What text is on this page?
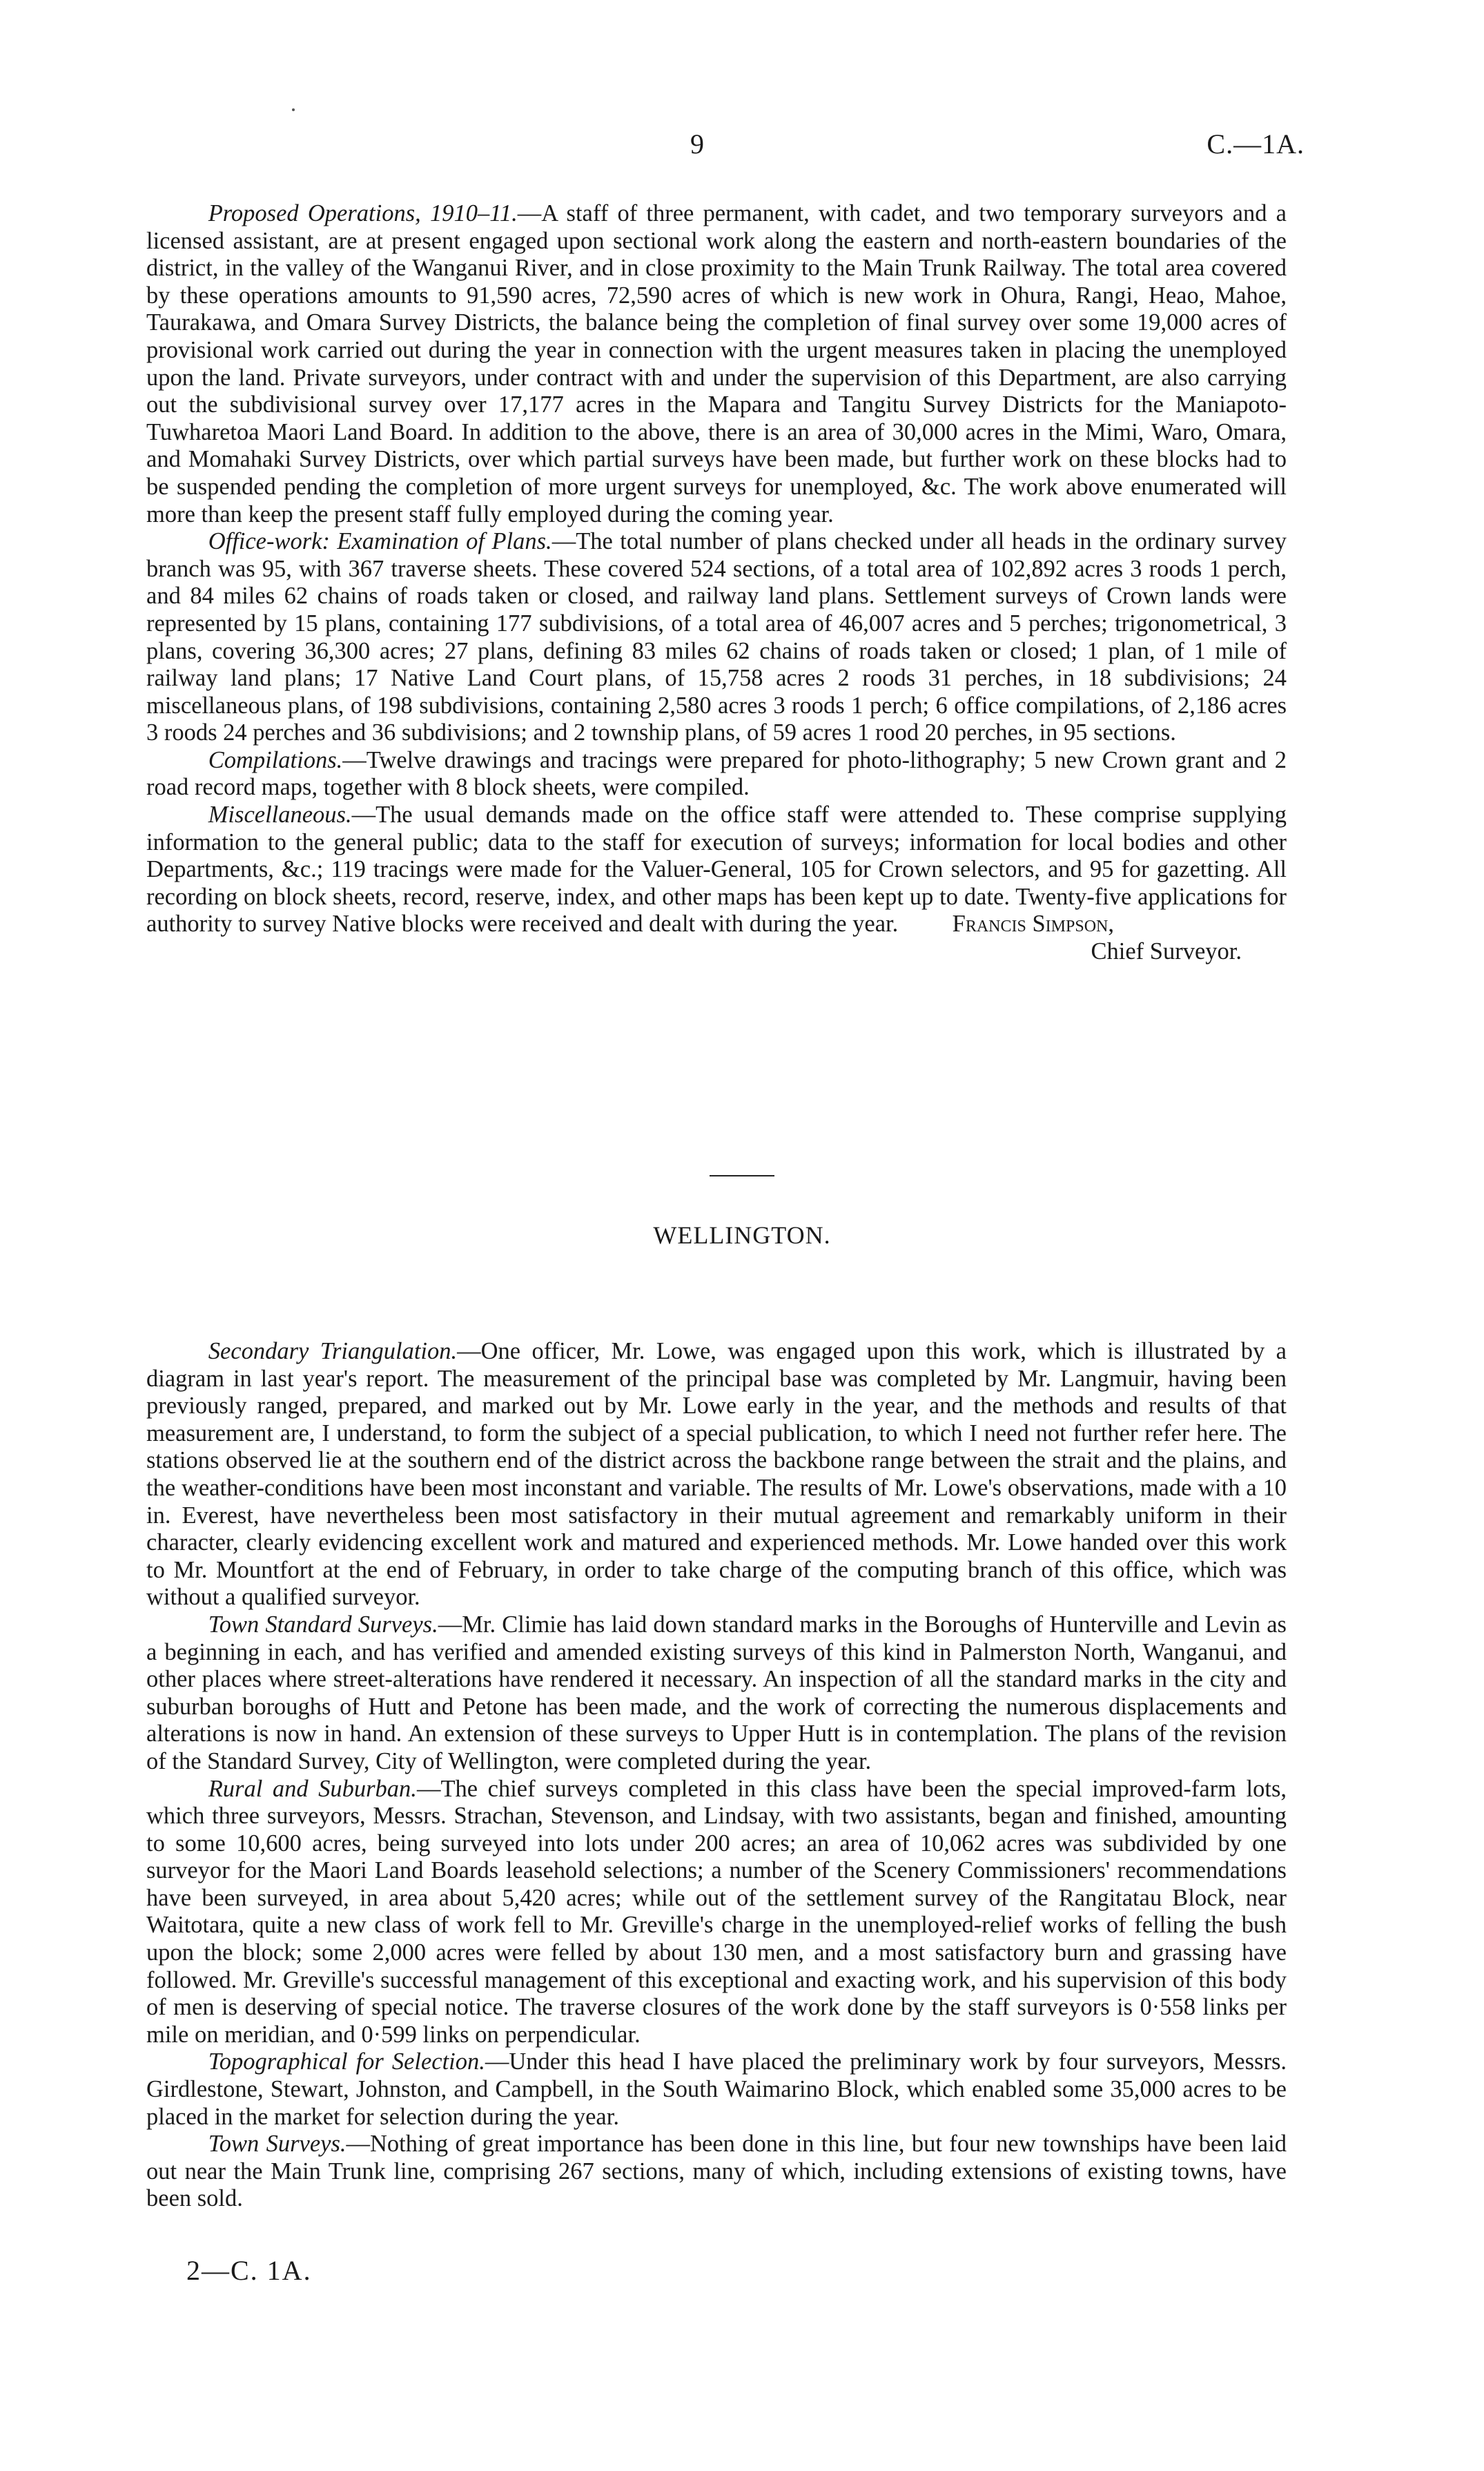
9	C.—1A.

Proposed Operations, 1910–11.—A staff of three permanent, with cadet, and two temporary surveyors and a licensed assistant, are at present engaged upon sectional work along the eastern and north-eastern boundaries of the district, in the valley of the Wanganui River, and in close proximity to the Main Trunk Railway. The total area covered by these operations amounts to 91,590 acres, 72,590 acres of which is new work in Ohura, Rangi, Heao, Mahoe, Taurakawa, and Omara Survey Districts, the balance being the completion of final survey over some 19,000 acres of provisional work carried out during the year in connection with the urgent measures taken in placing the unemployed upon the land. Private surveyors, under contract with and under the supervision of this Department, are also carrying out the subdivisional survey over 17,177 acres in the Mapara and Tangitu Survey Districts for the Maniapoto-Tuwharetoa Maori Land Board. In addition to the above, there is an area of 30,000 acres in the Mimi, Waro, Omara, and Momahaki Survey Districts, over which partial surveys have been made, but further work on these blocks had to be suspended pending the completion of more urgent surveys for unemployed, &c. The work above enumerated will more than keep the present staff fully employed during the coming year.

Office-work: Examination of Plans.—The total number of plans checked under all heads in the ordinary survey branch was 95, with 367 traverse sheets. These covered 524 sections, of a total area of 102,892 acres 3 roods 1 perch, and 84 miles 62 chains of roads taken or closed, and railway land plans. Settlement surveys of Crown lands were represented by 15 plans, containing 177 subdivisions, of a total area of 46,007 acres and 5 perches; trigonometrical, 3 plans, covering 36,300 acres; 27 plans, defining 83 miles 62 chains of roads taken or closed; 1 plan, of 1 mile of railway land plans; 17 Native Land Court plans, of 15,758 acres 2 roods 31 perches, in 18 subdivisions; 24 miscellaneous plans, of 198 subdivisions, containing 2,580 acres 3 roods 1 perch; 6 office compilations, of 2,186 acres 3 roods 24 perches and 36 subdivisions; and 2 township plans, of 59 acres 1 rood 20 perches, in 95 sections.

Compilations.—Twelve drawings and tracings were prepared for photo-lithography; 5 new Crown grant and 2 road record maps, together with 8 block sheets, were compiled.

Miscellaneous.—The usual demands made on the office staff were attended to. These comprise supplying information to the general public; data to the staff for execution of surveys; information for local bodies and other Departments, &c.; 119 tracings were made for the Valuer-General, 105 for Crown selectors, and 95 for gazetting. All recording on block sheets, record, reserve, index, and other maps has been kept up to date. Twenty-five applications for authority to survey Native blocks were received and dealt with during the year.	Francis Simpson,
Chief Surveyor.
WELLINGTON.

Secondary Triangulation.—One officer, Mr. Lowe, was engaged upon this work, which is illustrated by a diagram in last year's report. The measurement of the principal base was completed by Mr. Langmuir, having been previously ranged, prepared, and marked out by Mr. Lowe early in the year, and the methods and results of that measurement are, I understand, to form the subject of a special publication, to which I need not further refer here. The stations observed lie at the southern end of the district across the backbone range between the strait and the plains, and the weather-conditions have been most inconstant and variable. The results of Mr. Lowe's observations, made with a 10 in. Everest, have nevertheless been most satisfactory in their mutual agreement and remarkably uniform in their character, clearly evidencing excellent work and matured and experienced methods. Mr. Lowe handed over this work to Mr. Mountfort at the end of February, in order to take charge of the computing branch of this office, which was without a qualified surveyor.

Town Standard Surveys.—Mr. Climie has laid down standard marks in the Boroughs of Hunterville and Levin as a beginning in each, and has verified and amended existing surveys of this kind in Palmerston North, Wanganui, and other places where street-alterations have rendered it necessary. An inspection of all the standard marks in the city and suburban boroughs of Hutt and Petone has been made, and the work of correcting the numerous displacements and alterations is now in hand. An extension of these surveys to Upper Hutt is in contemplation. The plans of the revision of the Standard Survey, City of Wellington, were completed during the year.

Rural and Suburban.—The chief surveys completed in this class have been the special improved-farm lots, which three surveyors, Messrs. Strachan, Stevenson, and Lindsay, with two assistants, began and finished, amounting to some 10,600 acres, being surveyed into lots under 200 acres; an area of 10,062 acres was subdivided by one surveyor for the Maori Land Boards leasehold selections; a number of the Scenery Commissioners' recommendations have been surveyed, in area about 5,420 acres; while out of the settlement survey of the Rangitatau Block, near Waitotara, quite a new class of work fell to Mr. Greville's charge in the unemployed-relief works of felling the bush upon the block; some 2,000 acres were felled by about 130 men, and a most satisfactory burn and grassing have followed. Mr. Greville's successful management of this exceptional and exacting work, and his supervision of this body of men is deserving of special notice. The traverse closures of the work done by the staff surveyors is 0·558 links per mile on meridian, and 0·599 links on perpendicular.

Topographical for Selection.—Under this head I have placed the preliminary work by four surveyors, Messrs. Girdlestone, Stewart, Johnston, and Campbell, in the South Waimarino Block, which enabled some 35,000 acres to be placed in the market for selection during the year.

Town Surveys.—Nothing of great importance has been done in this line, but four new townships have been laid out near the Main Trunk line, comprising 267 sections, many of which, including extensions of existing towns, have been sold.

2—C. 1A.
